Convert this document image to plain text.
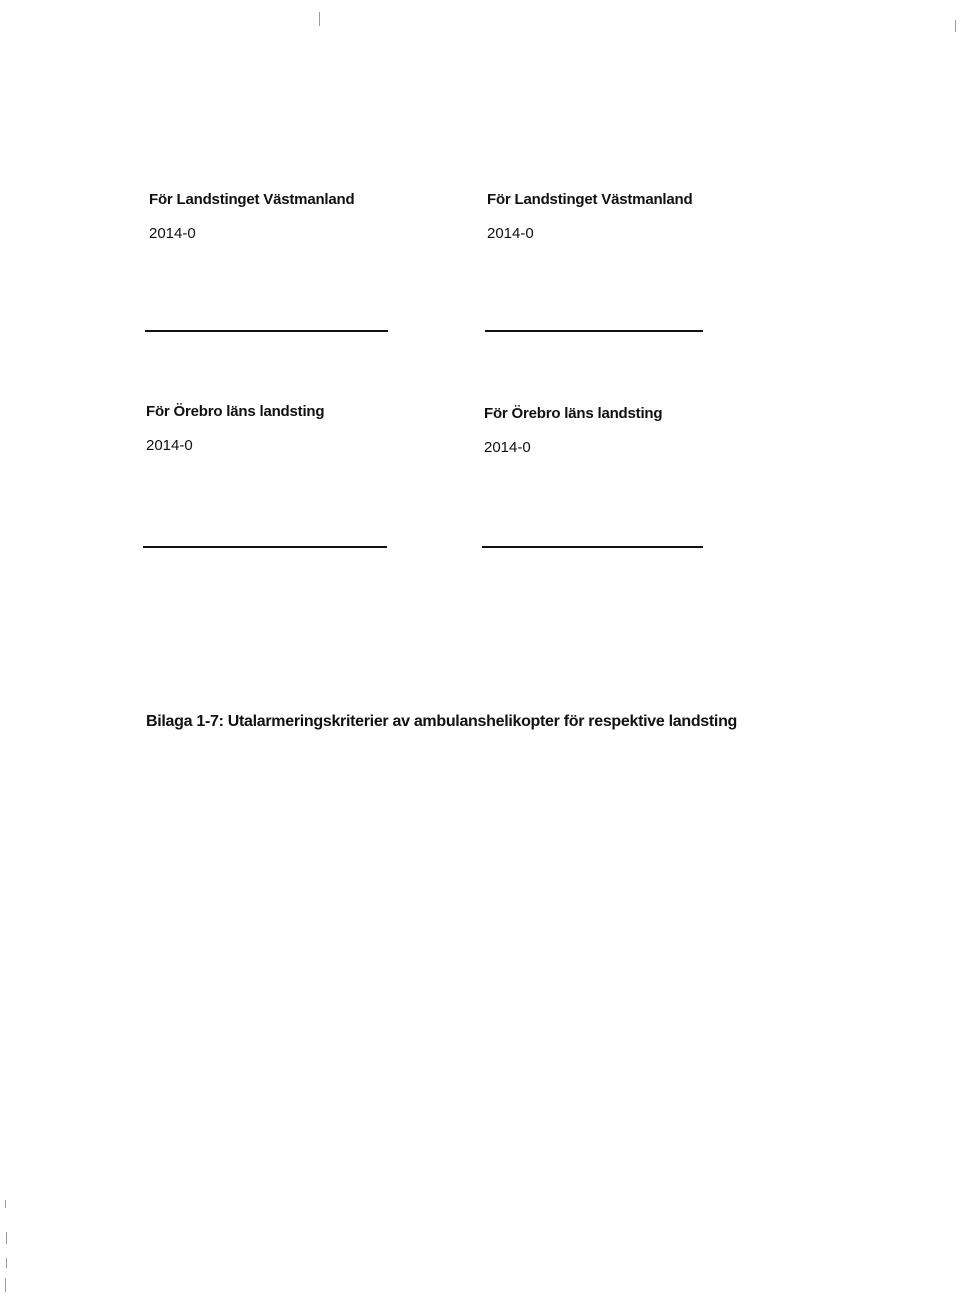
För Landstinget Västmanland
2014-0
För Landstinget Västmanland
2014-0
För Örebro läns landsting
2014-0
För Örebro läns landsting
2014-0
Bilaga 1-7: Utalarmeringskriterier av ambulanshelikopter för respektive landsting
